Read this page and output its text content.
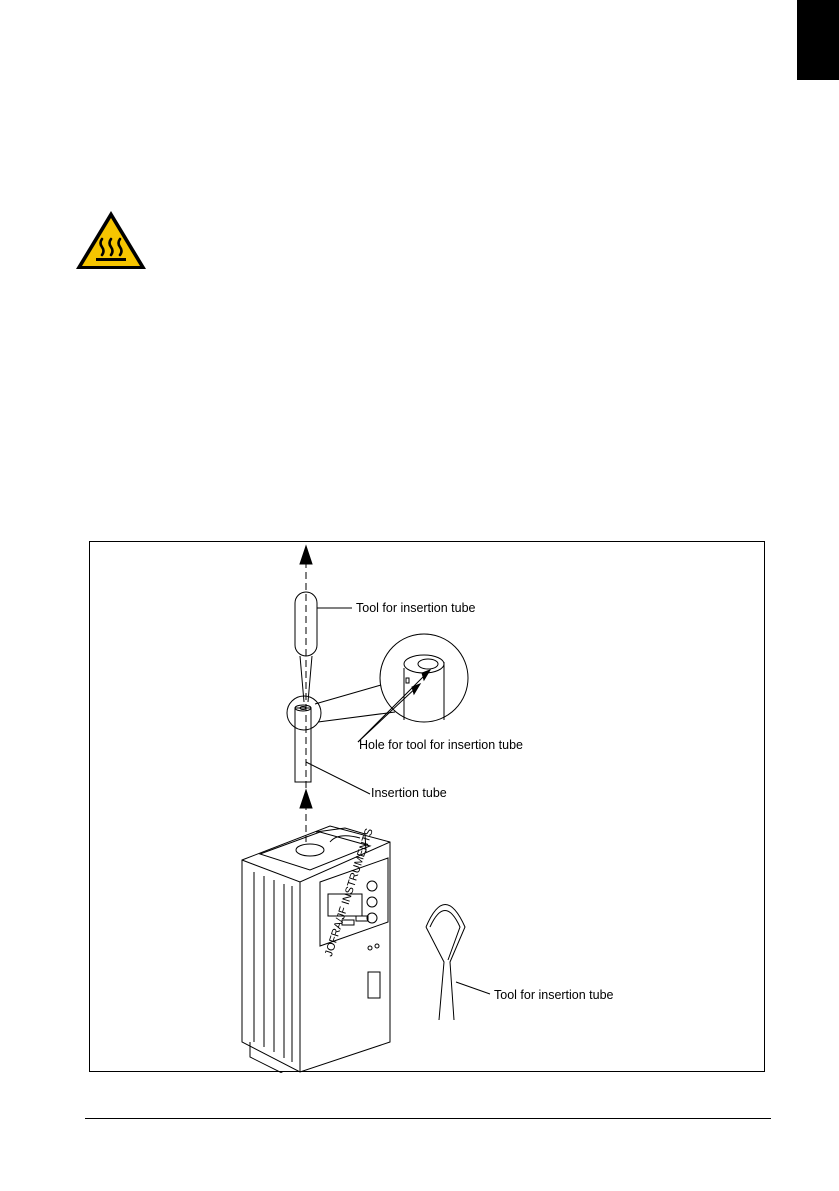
Tool for insertion tube
Hole for tool for insertion tube
Insertion tube
Tool for insertion tube
JOFRA/JF INSTRUMENTS
